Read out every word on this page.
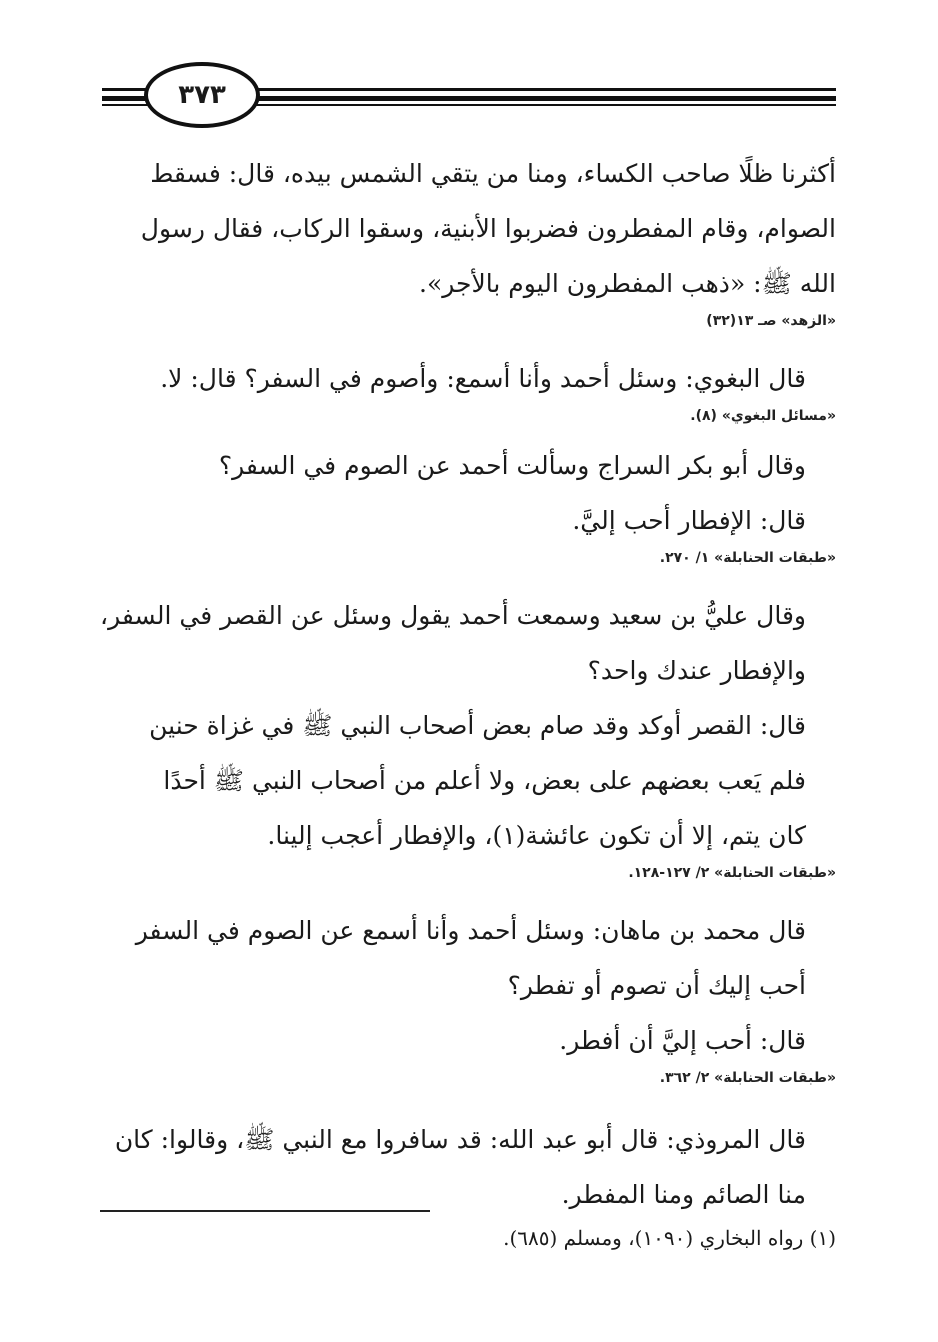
٣٧٣

أكثرنا ظلًا صاحب الكساء، ومنا من يتقي الشمس بيده، قال: فسقط

الصوام، وقام المفطرون فضربوا الأبنية، وسقوا الركاب، فقال رسول

الله ﷺ: «ذهب المفطرون اليوم بالأجر».

«الزهد» صـ ١٣(٣٢)

قال البغوي: وسئل أحمد وأنا أسمع: وأصوم في السفر؟ قال: لا.

«مسائل البغوي» (٨).

وقال أبو بكر السراج وسألت أحمد عن الصوم في السفر؟

قال: الإفطار أحب إليَّ.

«طبقات الحنابلة» ١/ ٢٧٠.

وقال عليُّ بن سعيد وسمعت أحمد يقول وسئل عن القصر في السفر،

والإفطار عندك واحد؟

قال: القصر أوكد وقد صام بعض أصحاب النبي ﷺ في غزاة حنين

فلم يَعب بعضهم على بعض، ولا أعلم من أصحاب النبي ﷺ أحدًا

كان يتم، إلا أن تكون عائشة(١)، والإفطار أعجب إلينا.

«طبقات الحنابلة» ٢/ ١٢٧-١٢٨.

قال محمد بن ماهان: وسئل أحمد وأنا أسمع عن الصوم في السفر

أحب إليك أن تصوم أو تفطر؟

قال: أحب إليَّ أن أفطر.

«طبقات الحنابلة» ٢/ ٣٦٢.

قال المروذي: قال أبو عبد الله: قد سافروا مع النبي ﷺ، وقالوا: كان

منا الصائم ومنا المفطر.

(١) رواه البخاري (١٠٩٠)، ومسلم (٦٨٥).
